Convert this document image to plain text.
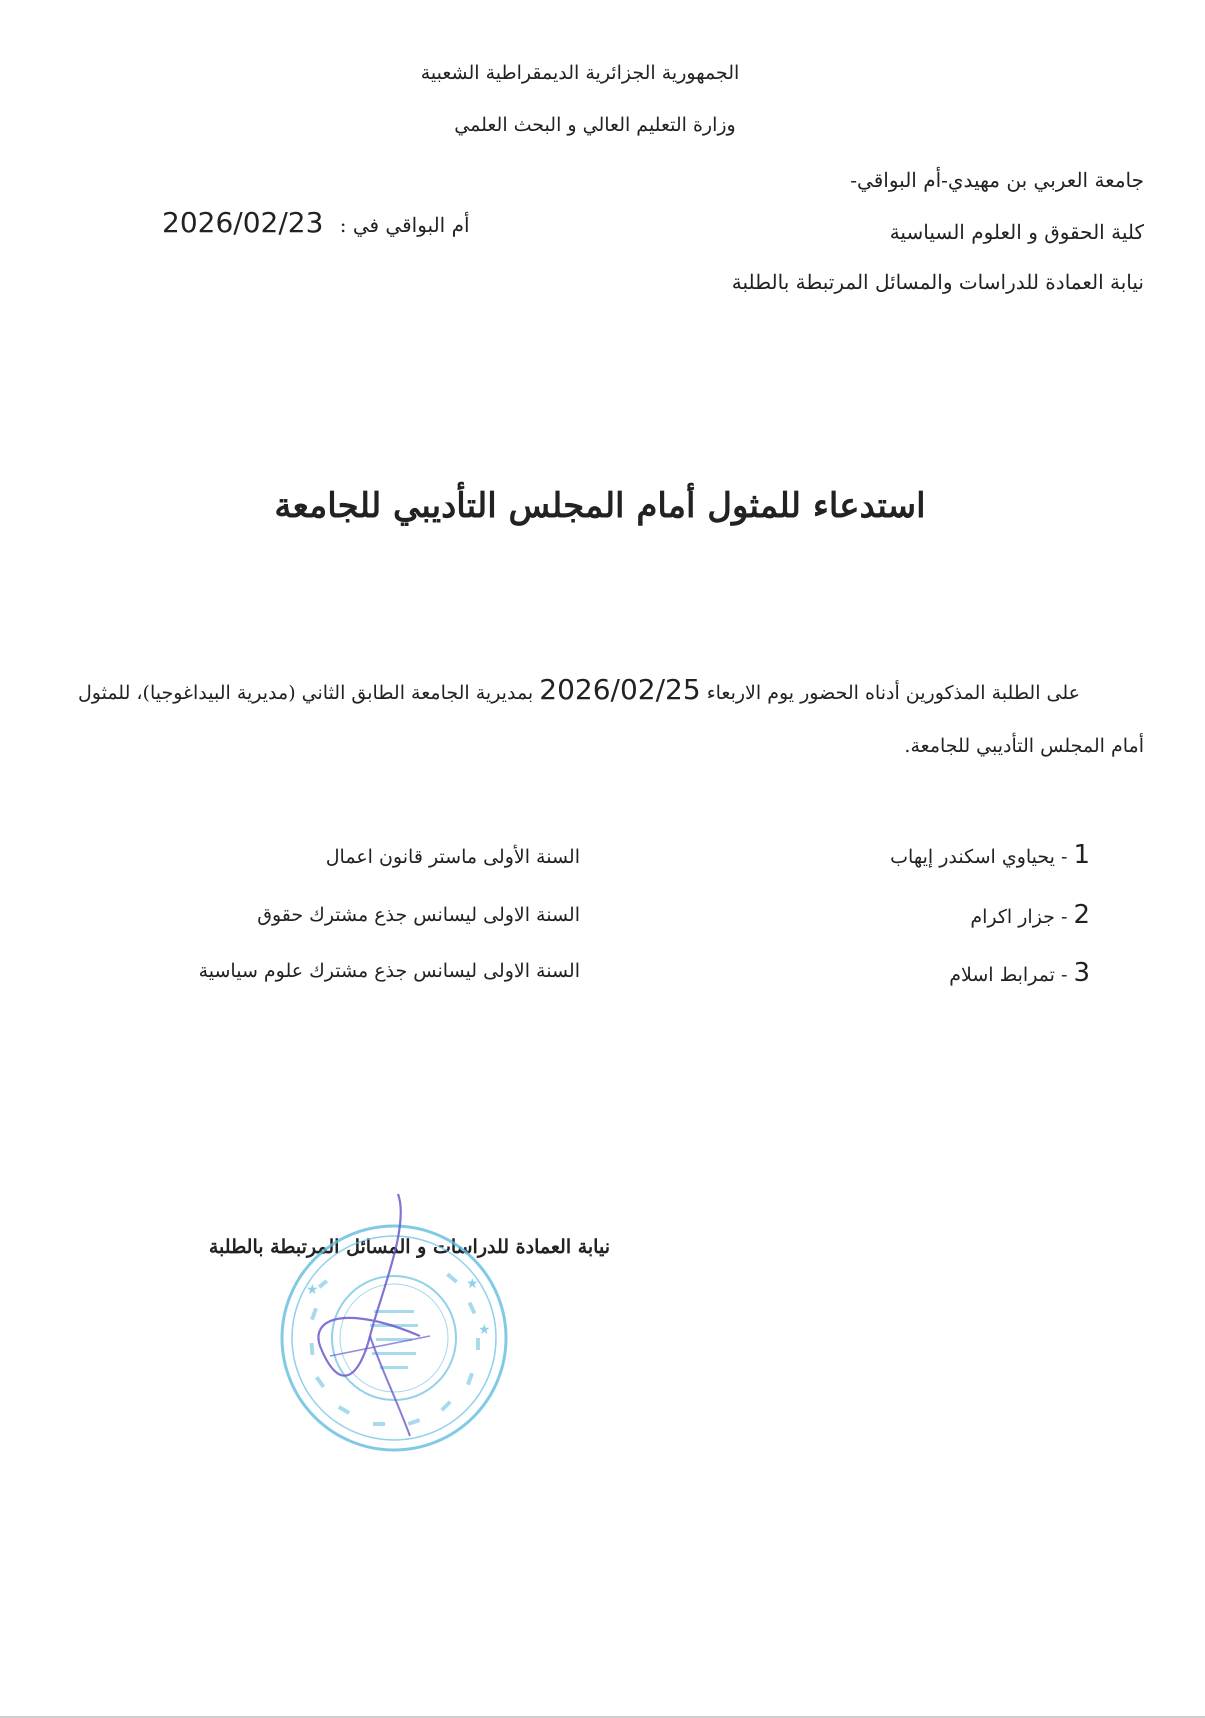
الجمهورية الجزائرية الديمقراطية الشعبية
وزارة التعليم العالي و البحث العلمي
جامعة العربي بن مهيدي-أم البواقي-
كلية الحقوق و العلوم السياسية
نيابة العمادة للدراسات والمسائل المرتبطة بالطلبة
2026/02/23 أم البواقي في :
استدعاء للمثول أمام المجلس التأديبي للجامعة
على الطلبة المذكورين أدناه الحضور يوم الاربعاء 2026/02/25 بمديرية الجامعة الطابق الثاني (مديرية البيداغوجيا)، للمثول
أمام المجلس التأديبي للجامعة.
1 - يحياوي اسكندر إيهاب
السنة الأولى ماستر قانون اعمال
2 - جزار اكرام
السنة الاولى ليسانس جذع مشترك حقوق
3 - تمرابط اسلام
السنة الاولى ليسانس جذع مشترك علوم سياسية
نيابة العمادة للدراسات و المسائل المرتبطة بالطلبة
★
★
★
